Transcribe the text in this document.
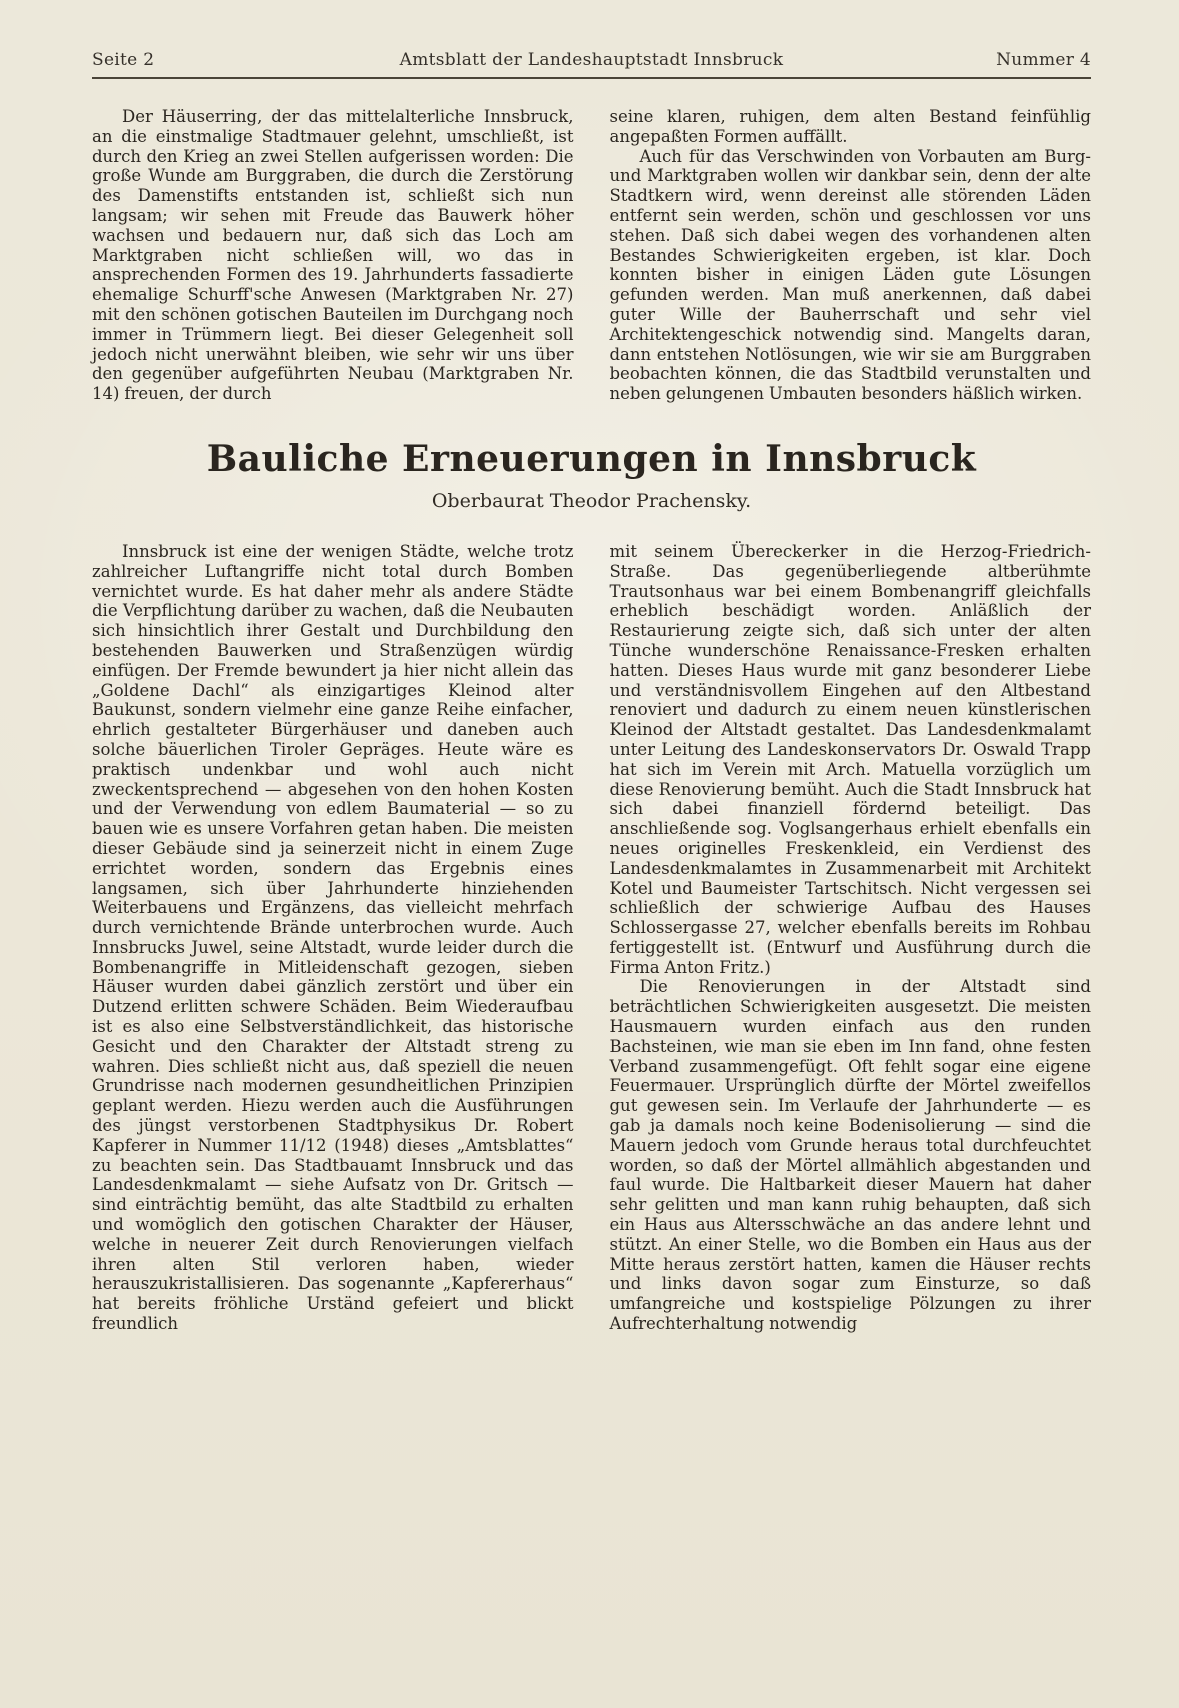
Seite 2	Amtsblatt der Landeshauptstadt Innsbruck	Nummer 4

Der Häuserring, der das mittelalterliche Innsbruck, an die einstmalige Stadtmauer gelehnt, umschließt, ist durch den Krieg an zwei Stellen aufgerissen worden: Die große Wunde am Burggraben, die durch die Zerstörung des Damenstifts entstanden ist, schließt sich nun langsam; wir sehen mit Freude das Bauwerk höher wachsen und bedauern nur, daß sich das Loch am Marktgraben nicht schließen will, wo das in ansprechenden Formen des 19. Jahrhunderts fassadierte ehemalige Schurff'sche Anwesen (Marktgraben Nr. 27) mit den schönen gotischen Bauteilen im Durchgang noch immer in Trümmern liegt. Bei dieser Gelegenheit soll jedoch nicht unerwähnt bleiben, wie sehr wir uns über den gegenüber aufgeführten Neubau (Marktgraben Nr. 14) freuen, der durch

seine klaren, ruhigen, dem alten Bestand feinfühlig angepaßten Formen auffällt.

Auch für das Verschwinden von Vorbauten am Burg- und Marktgraben wollen wir dankbar sein, denn der alte Stadtkern wird, wenn dereinst alle störenden Läden entfernt sein werden, schön und geschlossen vor uns stehen. Daß sich dabei wegen des vorhandenen alten Bestandes Schwierigkeiten ergeben, ist klar. Doch konnten bisher in einigen Läden gute Lösungen gefunden werden. Man muß anerkennen, daß dabei guter Wille der Bauherrschaft und sehr viel Architektengeschick notwendig sind. Mangelts daran, dann entstehen Notlösungen, wie wir sie am Burggraben beobachten können, die das Stadtbild verunstalten und neben gelungenen Umbauten besonders häßlich wirken.

Bauliche Erneuerungen in Innsbruck
Oberbaurat Theodor Prachensky.

Innsbruck ist eine der wenigen Städte, welche trotz zahlreicher Luftangriffe nicht total durch Bomben vernichtet wurde. Es hat daher mehr als andere Städte die Verpflichtung darüber zu wachen, daß die Neubauten sich hinsichtlich ihrer Gestalt und Durchbildung den bestehenden Bauwerken und Straßenzügen würdig einfügen. Der Fremde bewundert ja hier nicht allein das „Goldene Dachl“ als einzigartiges Kleinod alter Baukunst, sondern vielmehr eine ganze Reihe einfacher, ehrlich gestalteter Bürgerhäuser und daneben auch solche bäuerlichen Tiroler Gepräges. Heute wäre es praktisch undenkbar und wohl auch nicht zweckentsprechend — abgesehen von den hohen Kosten und der Verwendung von edlem Baumaterial — so zu bauen wie es unsere Vorfahren getan haben. Die meisten dieser Gebäude sind ja seinerzeit nicht in einem Zuge errichtet worden, sondern das Ergebnis eines langsamen, sich über Jahrhunderte hinziehenden Weiterbauens und Ergänzens, das vielleicht mehrfach durch vernichtende Brände unterbrochen wurde. Auch Innsbrucks Juwel, seine Altstadt, wurde leider durch die Bombenangriffe in Mitleidenschaft gezogen, sieben Häuser wurden dabei gänzlich zerstört und über ein Dutzend erlitten schwere Schäden. Beim Wiederaufbau ist es also eine Selbstverständlichkeit, das historische Gesicht und den Charakter der Altstadt streng zu wahren. Dies schließt nicht aus, daß speziell die neuen Grundrisse nach modernen gesundheitlichen Prinzipien geplant werden. Hiezu werden auch die Ausführungen des jüngst verstorbenen Stadtphysikus Dr. Robert Kapferer in Nummer 11/12 (1948) dieses „Amtsblattes“ zu beachten sein. Das Stadtbauamt Innsbruck und das Landesdenkmalamt — siehe Aufsatz von Dr. Gritsch — sind einträchtig bemüht, das alte Stadtbild zu erhalten und womöglich den gotischen Charakter der Häuser, welche in neuerer Zeit durch Renovierungen vielfach ihren alten Stil verloren haben, wieder herauszukristallisieren. Das sogenannte „Kapfererhaus“ hat bereits fröhliche Urständ gefeiert und blickt freundlich

mit seinem Übereckerker in die Herzog-Friedrich-Straße. Das gegenüberliegende altberühmte Trautsonhaus war bei einem Bombenangriff gleichfalls erheblich beschädigt worden. Anläßlich der Restaurierung zeigte sich, daß sich unter der alten Tünche wunderschöne Renaissance-Fresken erhalten hatten. Dieses Haus wurde mit ganz besonderer Liebe und verständnisvollem Eingehen auf den Altbestand renoviert und dadurch zu einem neuen künstlerischen Kleinod der Altstadt gestaltet. Das Landesdenkmalamt unter Leitung des Landeskonservators Dr. Oswald Trapp hat sich im Verein mit Arch. Matuella vorzüglich um diese Renovierung bemüht. Auch die Stadt Innsbruck hat sich dabei finanziell fördernd beteiligt. Das anschließende sog. Voglsangerhaus erhielt ebenfalls ein neues originelles Freskenkleid, ein Verdienst des Landesdenkmalamtes in Zusammenarbeit mit Architekt Kotel und Baumeister Tartschitsch. Nicht vergessen sei schließlich der schwierige Aufbau des Hauses Schlossergasse 27, welcher ebenfalls bereits im Rohbau fertiggestellt ist. (Entwurf und Ausführung durch die Firma Anton Fritz.)

Die Renovierungen in der Altstadt sind beträchtlichen Schwierigkeiten ausgesetzt. Die meisten Hausmauern wurden einfach aus den runden Bachsteinen, wie man sie eben im Inn fand, ohne festen Verband zusammengefügt. Oft fehlt sogar eine eigene Feuermauer. Ursprünglich dürfte der Mörtel zweifellos gut gewesen sein. Im Verlaufe der Jahrhunderte — es gab ja damals noch keine Bodenisolierung — sind die Mauern jedoch vom Grunde heraus total durchfeuchtet worden, so daß der Mörtel allmählich abgestanden und faul wurde. Die Haltbarkeit dieser Mauern hat daher sehr gelitten und man kann ruhig behaupten, daß sich ein Haus aus Altersschwäche an das andere lehnt und stützt. An einer Stelle, wo die Bomben ein Haus aus der Mitte heraus zerstört hatten, kamen die Häuser rechts und links davon sogar zum Einsturze, so daß umfangreiche und kostspielige Pölzungen zu ihrer Aufrechterhaltung notwendig
